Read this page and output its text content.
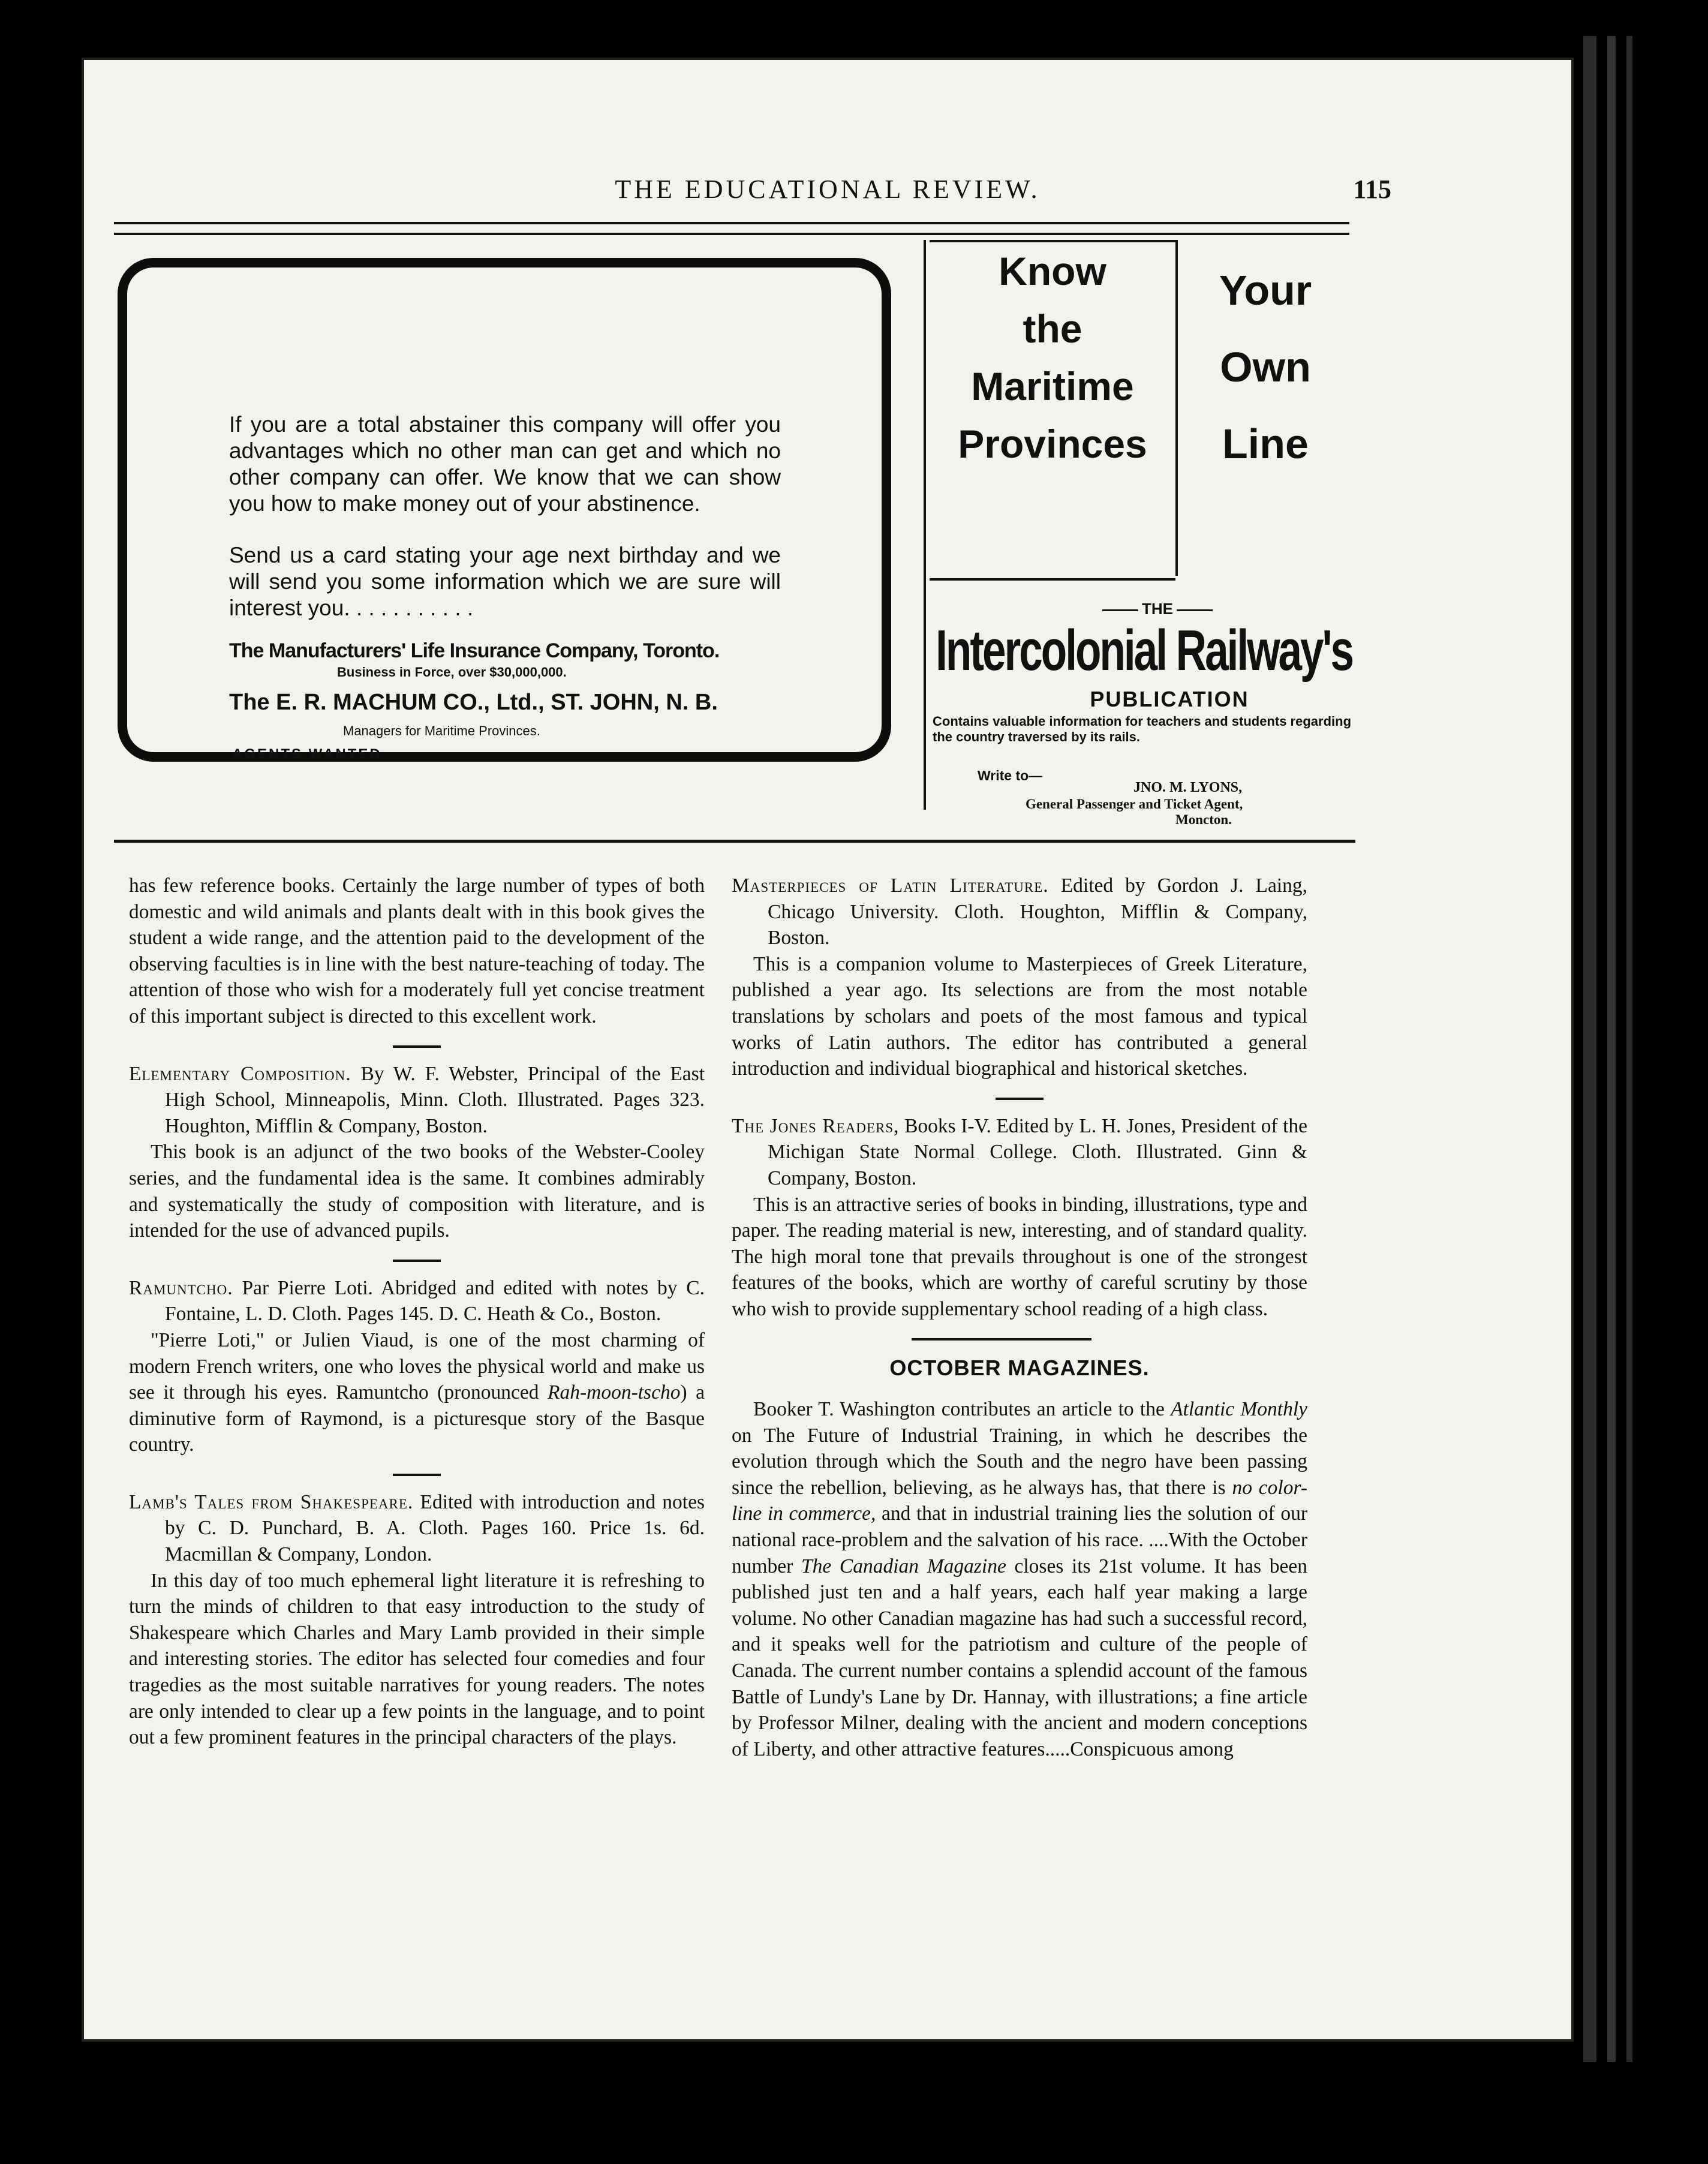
THE EDUCATIONAL REVIEW.	115
If you are a total abstainer this company will offer you advantages which no other man can get and which no other company can offer. We know that we can show you how to make money out of your abstinence.
Send us a card stating your age next birthday and we will send you some information which we are sure will interest you. . . . . . . . . . .
The Manufacturers' Life Insurance Company, Toronto.
Business in Force, over $30,000,000.
The E. R. MACHUM CO., Ltd., ST. JOHN, N. B.
Managers for Maritime Provinces.
AGENTS WANTED.
Know
the
Maritime
Provinces
Your
Own
Line
THE
Intercolonial Railway's
PUBLICATION
Contains valuable information for teachers and students regarding the country traversed by its rails.
Write to—
JNO. M. LYONS,
General Passenger and Ticket Agent,
Moncton.

has few reference books. Certainly the large number of types of both domestic and wild animals and plants dealt with in this book gives the student a wide range, and the attention paid to the development of the observing faculties is in line with the best nature-teaching of today. The attention of those who wish for a moderately full yet concise treatment of this important subject is directed to this excellent work.

Elementary Composition. By W. F. Webster, Principal of the East High School, Minneapolis, Minn. Cloth. Illustrated. Pages 323. Houghton, Mifflin & Company, Boston.

This book is an adjunct of the two books of the Webster-Cooley series, and the fundamental idea is the same. It combines admirably and systematically the study of composition with literature, and is intended for the use of advanced pupils.

Ramuntcho. Par Pierre Loti. Abridged and edited with notes by C. Fontaine, L. D. Cloth. Pages 145. D. C. Heath & Co., Boston.

"Pierre Loti," or Julien Viaud, is one of the most charming of modern French writers, one who loves the physical world and make us see it through his eyes. Ramuntcho (pronounced Rah-moon-tscho) a diminutive form of Raymond, is a picturesque story of the Basque country.

Lamb's Tales from Shakespeare. Edited with introduction and notes by C. D. Punchard, B. A. Cloth. Pages 160. Price 1s. 6d. Macmillan & Company, London.

In this day of too much ephemeral light literature it is refreshing to turn the minds of children to that easy introduction to the study of Shakespeare which Charles and Mary Lamb provided in their simple and interesting stories. The editor has selected four comedies and four tragedies as the most suitable narratives for young readers. The notes are only intended to clear up a few points in the language, and to point out a few prominent features in the principal characters of the plays.

Masterpieces of Latin Literature. Edited by Gordon J. Laing, Chicago University. Cloth. Houghton, Mifflin & Company, Boston.

This is a companion volume to Masterpieces of Greek Literature, published a year ago. Its selections are from the most notable translations by scholars and poets of the most famous and typical works of Latin authors. The editor has contributed a general introduction and individual biographical and historical sketches.

The Jones Readers, Books I-V. Edited by L. H. Jones, President of the Michigan State Normal College. Cloth. Illustrated. Ginn & Company, Boston.

This is an attractive series of books in binding, illustrations, type and paper. The reading material is new, interesting, and of standard quality. The high moral tone that prevails throughout is one of the strongest features of the books, which are worthy of careful scrutiny by those who wish to provide supplementary school reading of a high class.

OCTOBER MAGAZINES.

Booker T. Washington contributes an article to the Atlantic Monthly on The Future of Industrial Training, in which he describes the evolution through which the South and the negro have been passing since the rebellion, believing, as he always has, that there is no color-line in commerce, and that in industrial training lies the solution of our national race-problem and the salvation of his race. ....With the October number The Canadian Magazine closes its 21st volume. It has been published just ten and a half years, each half year making a large volume. No other Canadian magazine has had such a successful record, and it speaks well for the patriotism and culture of the people of Canada. The current number contains a splendid account of the famous Battle of Lundy's Lane by Dr. Hannay, with illustrations; a fine article by Professor Milner, dealing with the ancient and modern conceptions of Liberty, and other attractive features.....Conspicuous among
